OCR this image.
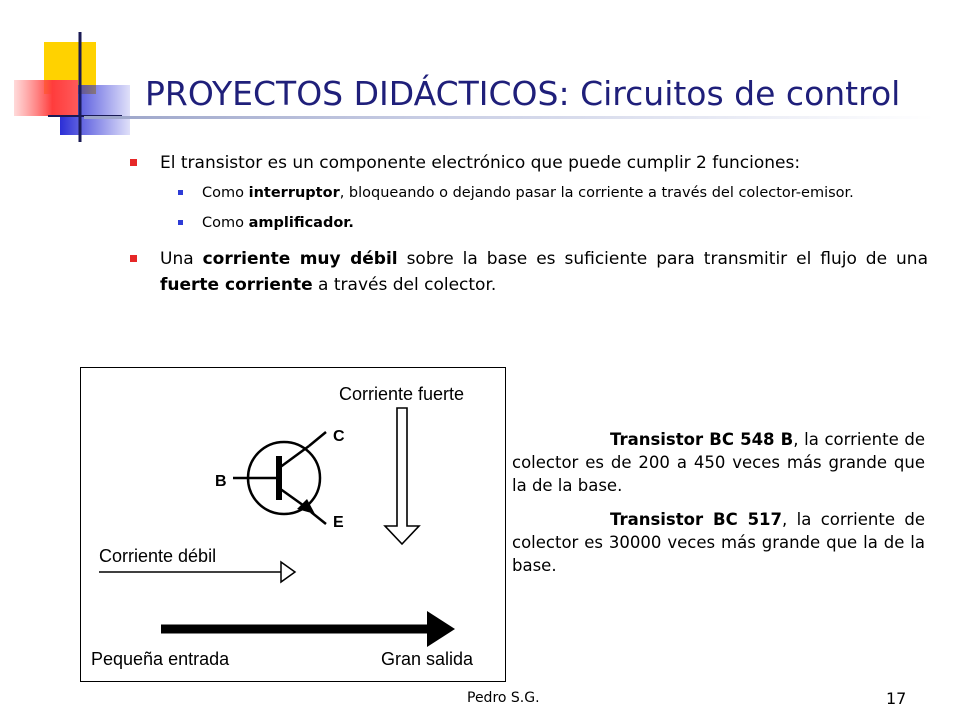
PROYECTOS DIDÁCTICOS: Circuitos de control
El transistor es un componente electrónico que puede cumplir 2 funciones:
Como interruptor, bloqueando o dejando pasar la corriente a través del colector-emisor.
Como amplificador.
Una corriente muy débil sobre la base es suficiente para transmitir el flujo de una fuerte corriente a través del colector.
Corriente fuerte
C
B
E
Corriente débil
Pequeña entrada	Gran salida

Transistor BC 548 B, la corriente de colector es de 200 a 450 veces más grande que la de la base.

Transistor BC 517, la corriente de colector es 30000 veces más grande que la de la base.

Pedro S.G.	17
